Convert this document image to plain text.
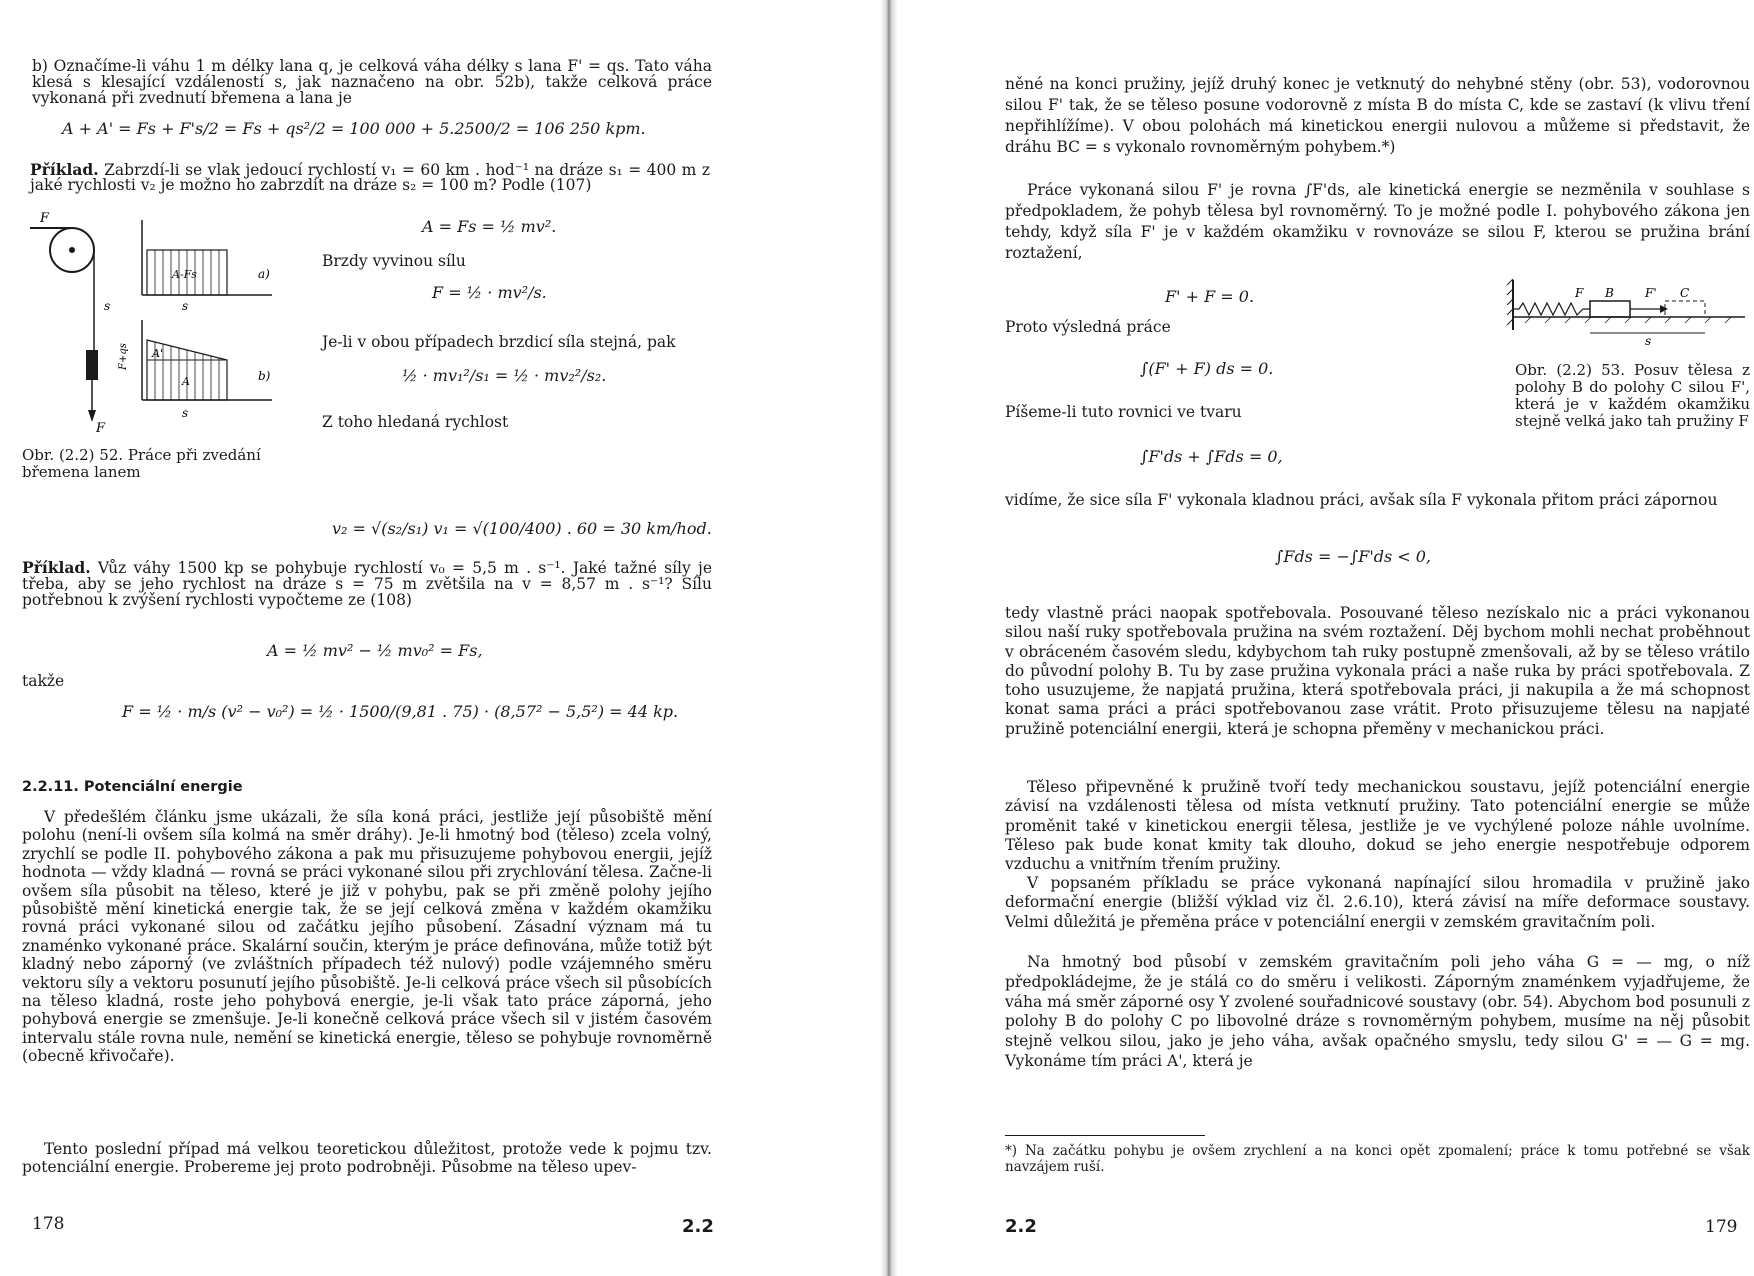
b) Označíme-li váhu 1 m délky lana q, je celková váha délky s lana F' = qs. Tato váha klesá s klesající vzdáleností s, jak naznačeno na obr. 52b), takže celková práce vykonaná při zvednutí břemena a lana je

A + A' = Fs + F's/2 = Fs + qs²/2 = 100 000 + 5.2500/2 = 106 250 kpm.

Příklad. Zabrzdí-li se vlak jedoucí rychlostí v₁ = 60 km . hod⁻¹ na dráze s₁ = 400 m z jaké rychlosti v₂ je možno ho zabrzdit na dráze s₂ = 100 m? Podle (107)

F
F
s
A-Fs	a)
s
A'
A	b)
s
F+qs
Obr. (2.2) 52. Práce při zvedání břemena lanem
A = Fs = ½ mv².
Brzdy vyvinou sílu
F = ½ · mv²/s.
Je-li v obou případech brzdicí síla stejná, pak
½ · mv₁²/s₁ = ½ · mv₂²/s₂.
Z toho hledaná rychlost
v₂ = √(s₂/s₁) v₁ = √(100/400) . 60 = 30 km/hod.

Příklad. Vůz váhy 1500 kp se pohybuje rychlostí v₀ = 5,5 m . s⁻¹. Jaké tažné síly je třeba, aby se jeho rychlost na dráze s = 75 m zvětšila na v = 8,57 m . s⁻¹? Sílu potřebnou k zvýšení rychlosti vypočteme ze (108)

A = ½ mv² − ½ mv₀² = Fs,
takže
F = ½ · m/s (v² − v₀²) = ½ · 1500/(9,81 . 75) · (8,57² − 5,5²) = 44 kp.
2.2.11. Potenciální energie

V předešlém článku jsme ukázali, že síla koná práci, jestliže její působiště mění polohu (není-li ovšem síla kolmá na směr dráhy). Je-li hmotný bod (těleso) zcela volný, zrychlí se podle II. pohybového zákona a pak mu přisuzujeme pohybovou energii, jejíž hodnota — vždy kladná — rovná se práci vykonané silou při zrychlování tělesa. Začne-li ovšem síla působit na těleso, které je již v pohybu, pak se při změně polohy jejího působiště mění kinetická energie tak, že se její celková změna v každém okamžiku rovná práci vykonané silou od začátku jejího působení. Zásadní význam má tu znaménko vykonané práce. Skalární součin, kterým je práce definována, může totiž být kladný nebo záporný (ve zvláštních případech též nulový) podle vzájemného směru vektoru síly a vektoru posunutí jejího působiště. Je-li celková práce všech sil působících na těleso kladná, roste jeho pohybová energie, je-li však tato práce záporná, jeho pohybová energie se zmenšuje. Je-li konečně celková práce všech sil v jistém časovém intervalu stále rovna nule, nemění se kinetická energie, těleso se pohybuje rovnoměrně (obecně křivočaře).

Tento poslední případ má velkou teoretickou důležitost, protože vede k pojmu tzv. potenciální energie. Probereme jej proto podrobněji. Působme na těleso upev-

178	2.2

něné na konci pružiny, jejíž druhý konec je vetknutý do nehybné stěny (obr. 53), vodorovnou silou F' tak, že se těleso posune vodorovně z místa B do místa C, kde se zastaví (k vlivu tření nepřihlížíme). V obou polohách má kinetickou energii nulovou a můžeme si představit, že dráhu BC = s vykonalo rovnoměrným pohybem.*)

Práce vykonaná silou F' je rovna ∫F'ds, ale kinetická energie se nezměnila v souhlase s předpokladem, že pohyb tělesa byl rovnoměrný. To je možné podle I. pohybového zákona jen tehdy, když síla F' je v každém okamžiku v rovnováze se silou F, kterou se pružina brání roztažení,

F' + F = 0.
Proto výsledná práce
∫(F' + F) ds = 0.
Píšeme-li tuto rovnici ve tvaru
∫F'ds + ∫Fds = 0,

vidíme, že sice síla F' vykonala kladnou práci, avšak síla F vykonala přitom práci zápornou

∫Fds = −∫F'ds < 0,
F B	F' C
s
Obr. (2.2) 53. Posuv tělesa z polohy B do polohy C silou F', která je v každém okamžiku stejně velká jako tah pružiny F

tedy vlastně práci naopak spotřebovala. Posouvané těleso nezískalo nic a práci vykonanou silou naší ruky spotřebovala pružina na svém roztažení. Děj bychom mohli nechat proběhnout v obráceném časovém sledu, kdybychom tah ruky postupně zmenšovali, až by se těleso vrátilo do původní polohy B. Tu by zase pružina vykonala práci a naše ruka by práci spotřebovala. Z toho usuzujeme, že napjatá pružina, která spotřebovala práci, ji nakupila a že má schopnost konat sama práci a práci spotřebovanou zase vrátit. Proto přisuzujeme tělesu na napjaté pružině potenciální energii, která je schopna přeměny v mechanickou práci.

Těleso připevněné k pružině tvoří tedy mechanickou soustavu, jejíž potenciální energie závisí na vzdálenosti tělesa od místa vetknutí pružiny. Tato potenciální energie se může proměnit také v kinetickou energii tělesa, jestliže je ve vychýlené poloze náhle uvolníme. Těleso pak bude konat kmity tak dlouho, dokud se jeho energie nespotřebuje odporem vzduchu a vnitřním třením pružiny.

V popsaném příkladu se práce vykonaná napínající silou hromadila v pružině jako deformační energie (bližší výklad viz čl. 2.6.10), která závisí na míře deformace soustavy. Velmi důležitá je přeměna práce v potenciální energii v zemském gravitačním poli.

Na hmotný bod působí v zemském gravitačním poli jeho váha G = — mg, o níž předpokládejme, že je stálá co do směru i velikosti. Záporným znaménkem vyjadřujeme, že váha má směr záporné osy Y zvolené souřadnicové soustavy (obr. 54). Abychom bod posunuli z polohy B do polohy C po libovolné dráze s rovnoměrným pohybem, musíme na něj působit stejně velkou silou, jako je jeho váha, avšak opačného smyslu, tedy silou G' = — G = mg. Vykonáme tím práci A', která je

*) Na začátku pohybu je ovšem zrychlení a na konci opět zpomalení; práce k tomu potřebné se však navzájem ruší.

2.2	179
